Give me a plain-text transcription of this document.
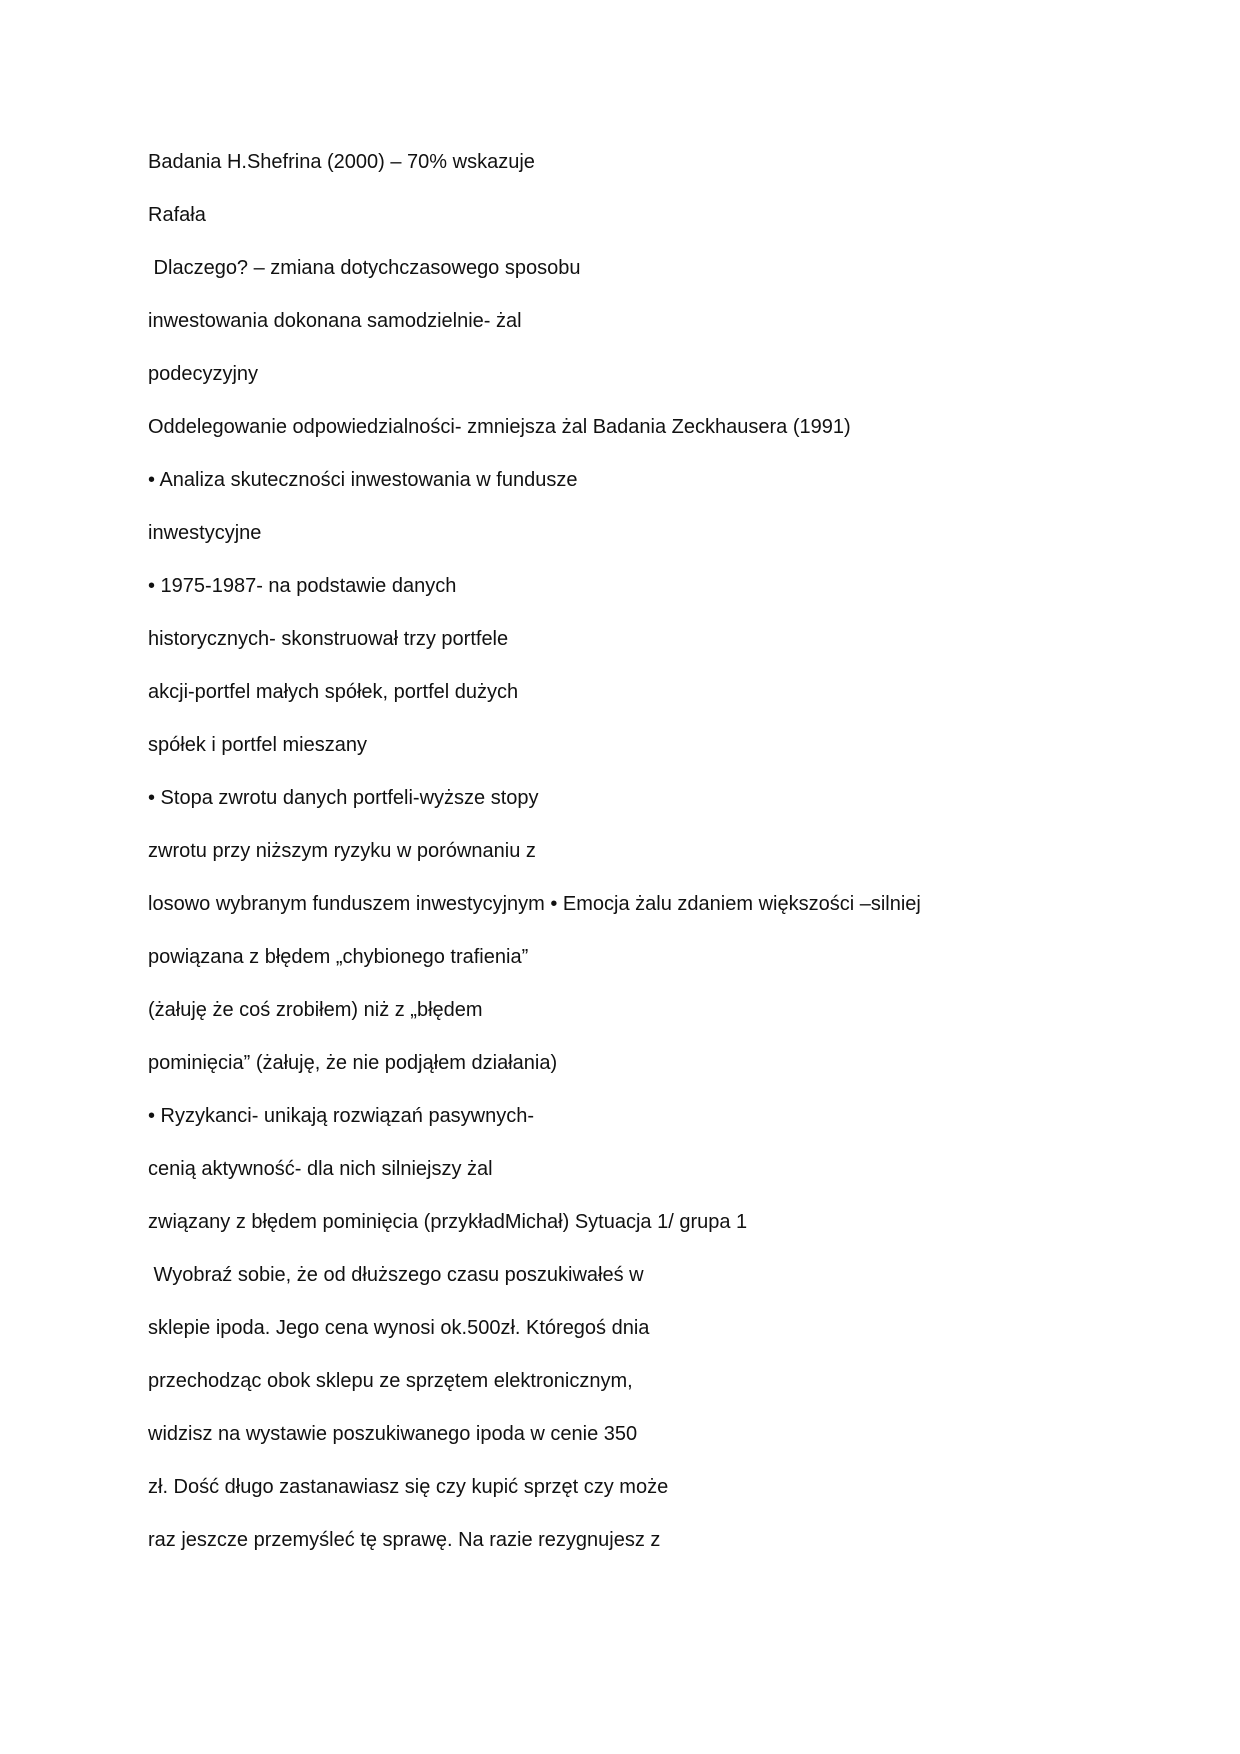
Badania H.Shefrina (2000) – 70% wskazuje
Rafała
Dlaczego? – zmiana dotychczasowego sposobu
inwestowania dokonana samodzielnie- żal
podecyzyjny
Oddelegowanie odpowiedzialności- zmniejsza żal Badania Zeckhausera (1991)
• Analiza skuteczności inwestowania w fundusze
inwestycyjne
• 1975-1987- na podstawie danych
historycznych- skonstruował trzy portfele
akcji-portfel małych spółek, portfel dużych
spółek i portfel mieszany
• Stopa zwrotu danych portfeli-wyższe stopy
zwrotu przy niższym ryzyku w porównaniu z
losowo wybranym funduszem inwestycyjnym • Emocja żalu zdaniem większości –silniej
powiązana z błędem „chybionego trafienia”
(żałuję że coś zrobiłem) niż z „błędem
pominięcia” (żałuję, że nie podjąłem działania)
• Ryzykanci- unikają rozwiązań pasywnych-
cenią aktywność- dla nich silniejszy żal
związany z błędem pominięcia (przykładMichał) Sytuacja 1/ grupa 1
Wyobraź sobie, że od dłuższego czasu poszukiwałeś w
sklepie ipoda. Jego cena wynosi ok.500zł. Któregoś dnia
przechodząc obok sklepu ze sprzętem elektronicznym,
widzisz na wystawie poszukiwanego ipoda w cenie 350
zł. Dość długo zastanawiasz się czy kupić sprzęt czy może
raz jeszcze przemyśleć tę sprawę. Na razie rezygnujesz z
